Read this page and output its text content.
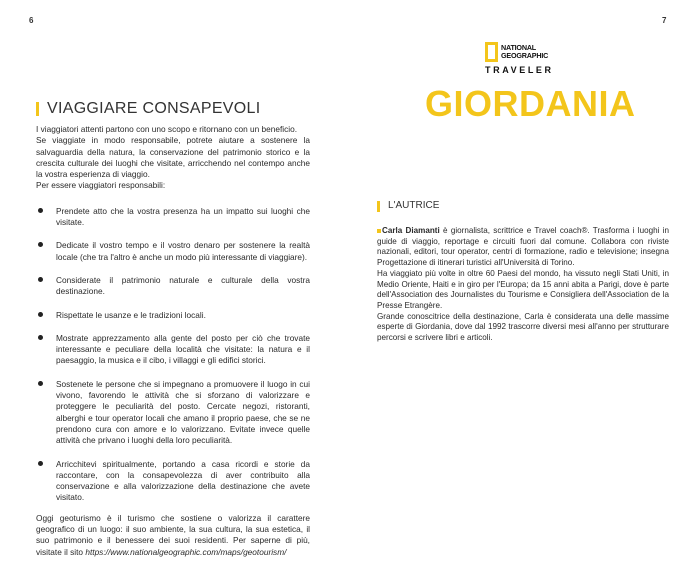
6	7
VIAGGIARE CONSAPEVOLI

I viaggiatori attenti partono con uno scopo e ritornano con un beneficio.

Se viaggiate in modo responsabile, potrete aiutare a sostenere la salvaguardia della natura, la conservazione del patrimonio storico e la crescita culturale dei luoghi che visitate, arricchendo nel contempo anche la vostra esperienza di viaggio.

Per essere viaggiatori responsabili:

Prendete atto che la vostra presenza ha un impatto sui luoghi che visitate.
Dedicate il vostro tempo e il vostro denaro per sostenere la realtà locale (che tra l'altro è anche un modo più interessante di viaggiare).
Considerate il patrimonio naturale e culturale della vostra destinazione.
Rispettate le usanze e le tradizioni locali.
Mostrate apprezzamento alla gente del posto per ciò che trovate interessante e peculiare della località che visitate: la natura e il paesaggio, la musica e il cibo, i villaggi e gli edifici storici.
Sostenete le persone che si impegnano a promuovere il luogo in cui vivono, favorendo le attività che si sforzano di valorizzare e proteggere le peculiarità del posto. Cercate negozi, ristoranti, alberghi e tour operator locali che amano il proprio paese, che se ne prendono cura con amore e lo valorizzano. Evitate invece quelle attività che privano i luoghi della loro peculiarità.
Arricchitevi spiritualmente, portando a casa ricordi e storie da raccontare, con la consapevolezza di aver contribuito alla conservazione e alla valorizzazione della destinazione che avete visitato.
Oggi geoturismo è il turismo che sostiene o valorizza il carattere geografico di un luogo: il suo ambiente, la sua cultura, la sua estetica, il suo patrimonio e il benessere dei suoi residenti. Per saperne di più, visitate il sito https://www.nationalgeographic.com/maps/geotourism/
NATIONAL
GEOGRAPHIC
TRAVELER
GIORDANIA
L'AUTRICE

Carla Diamanti è giornalista, scrittrice e Travel coach®. Trasforma i luoghi in guide di viaggio, reportage e circuiti fuori dal comune. Collabora con riviste nazionali, editori, tour operator, centri di formazione, radio e televisione; insegna Progettazione di itinerari turistici all'Università di Torino.

Ha viaggiato più volte in oltre 60 Paesi del mondo, ha vissuto negli Stati Uniti, in Medio Oriente, Haiti e in giro per l'Europa; da 15 anni abita a Parigi, dove è parte dell'Association des Journalistes du Tourisme e Consigliera dell'Association de la Presse Etrangère.

Grande conoscitrice della destinazione, Carla è considerata una delle massime esperte di Giordania, dove dal 1992 trascorre diversi mesi all'anno per strutturare percorsi e scrivere libri e articoli.
